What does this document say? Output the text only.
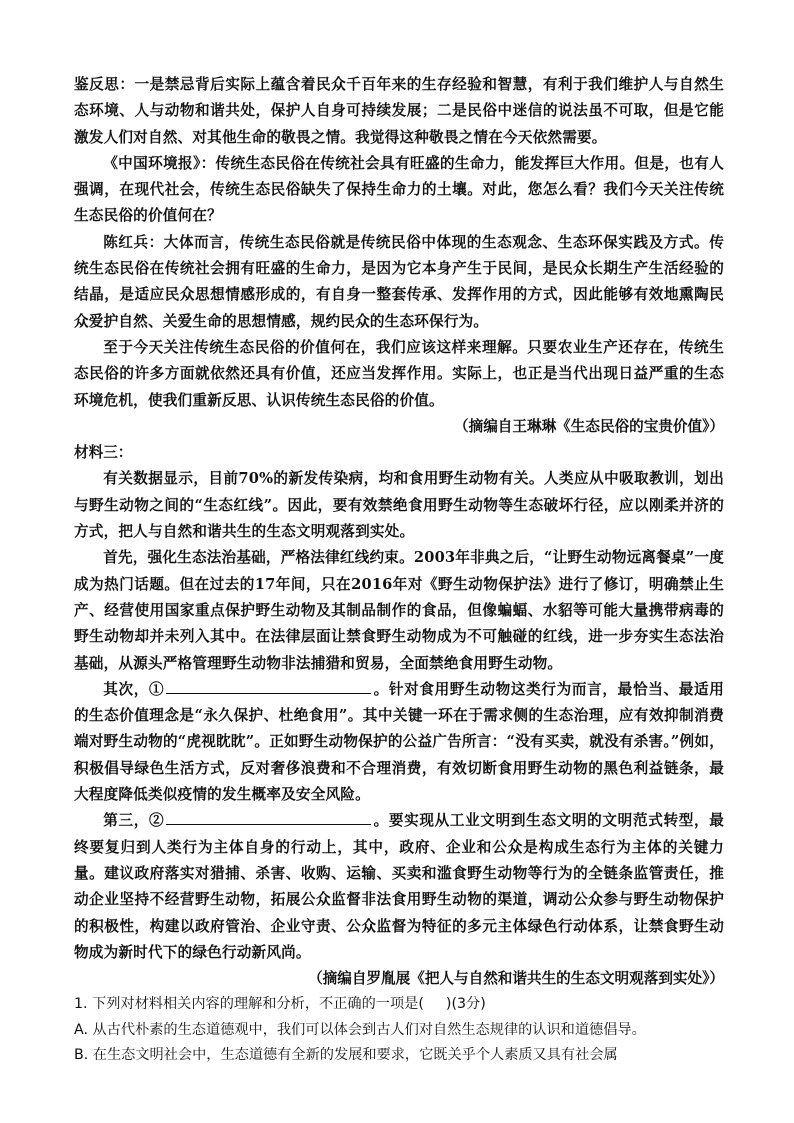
鉴反思：一是禁忌背后实际上蕴含着民众千百年来的生存经验和智慧，有利于我们维护人与自然生态环境、人与动物和谐共处，保护人自身可持续发展；二是民俗中迷信的说法虽不可取，但是它能激发人们对自然、对其他生命的敬畏之情。我觉得这种敬畏之情在今天依然需要。

《中国环境报》：传统生态民俗在传统社会具有旺盛的生命力，能发挥巨大作用。但是，也有人强调，在现代社会，传统生态民俗缺失了保持生命力的土壤。对此，您怎么看？我们今天关注传统生态民俗的价值何在？

陈红兵：大体而言，传统生态民俗就是传统民俗中体现的生态观念、生态环保实践及方式。传统生态民俗在传统社会拥有旺盛的生命力，是因为它本身产生于民间，是民众长期生产生活经验的结晶，是适应民众思想情感形成的，有自身一整套传承、发挥作用的方式，因此能够有效地熏陶民众爱护自然、关爱生命的思想情感，规约民众的生态环保行为。

至于今天关注传统生态民俗的价值何在，我们应该这样来理解。只要农业生产还存在，传统生态民俗的许多方面就依然还具有价值，还应当发挥作用。实际上，也正是当代出现日益严重的生态环境危机，使我们重新反思、认识传统生态民俗的价值。

（摘编自王琳琳《生态民俗的宝贵价值》）

材料三：

有关数据显示，目前70%的新发传染病，均和食用野生动物有关。人类应从中吸取教训，划出与野生动物之间的“生态红线”。因此，要有效禁绝食用野生动物等生态破坏行径，应以刚柔并济的方式，把人与自然和谐共生的生态文明观落到实处。

首先，强化生态法治基础，严格法律红线约束。2003年非典之后，“让野生动物远离餐桌”一度成为热门话题。但在过去的17年间，只在2016年对《野生动物保护法》进行了修订，明确禁止生产、经营使用国家重点保护野生动物及其制品制作的食品，但像蝙蝠、水貂等可能大量携带病毒的野生动物却并未列入其中。在法律层面让禁食野生动物成为不可触碰的红线，进一步夯实生态法治基础，从源头严格管理野生动物非法捕猎和贸易，全面禁绝食用野生动物。

其次，①	。针对食用野生动物这类行为而言，最恰当、最适用的生态价值理念是“永久保护、杜绝食用”。其中关键一环在于需求侧的生态治理，应有效抑制消费端对野生动物的“虎视眈眈”。正如野生动物保护的公益广告所言：“没有买卖，就没有杀害。”例如，积极倡导绿色生活方式，反对奢侈浪费和不合理消费，有效切断食用野生动物的黑色利益链条，最大程度降低类似疫情的发生概率及安全风险。

第三，②	。要实现从工业文明到生态文明的文明范式转型，最终要复归到人类行为主体自身的行动上，其中，政府、企业和公众是构成生态行为主体的关键力量。建议政府落实对猎捕、杀害、收购、运输、买卖和滥食野生动物等行为的全链条监管责任，推动企业坚持不经营野生动物，拓展公众监督非法食用野生动物的渠道，调动公众参与野生动物保护的积极性，构建以政府管治、企业守责、公众监督为特征的多元主体绿色行动体系，让禁食野生动物成为新时代下的绿色行动新风尚。

（摘编自罗胤展《把人与自然和谐共生的生态文明观落到实处》）

1. 下列对材料相关内容的理解和分析，不正确的一项是( )(3分)

A. 从古代朴素的生态道德观中，我们可以体会到古人们对自然生态规律的认识和道德倡导。

B. 在生态文明社会中，生态道德有全新的发展和要求，它既关乎个人素质又具有社会属
